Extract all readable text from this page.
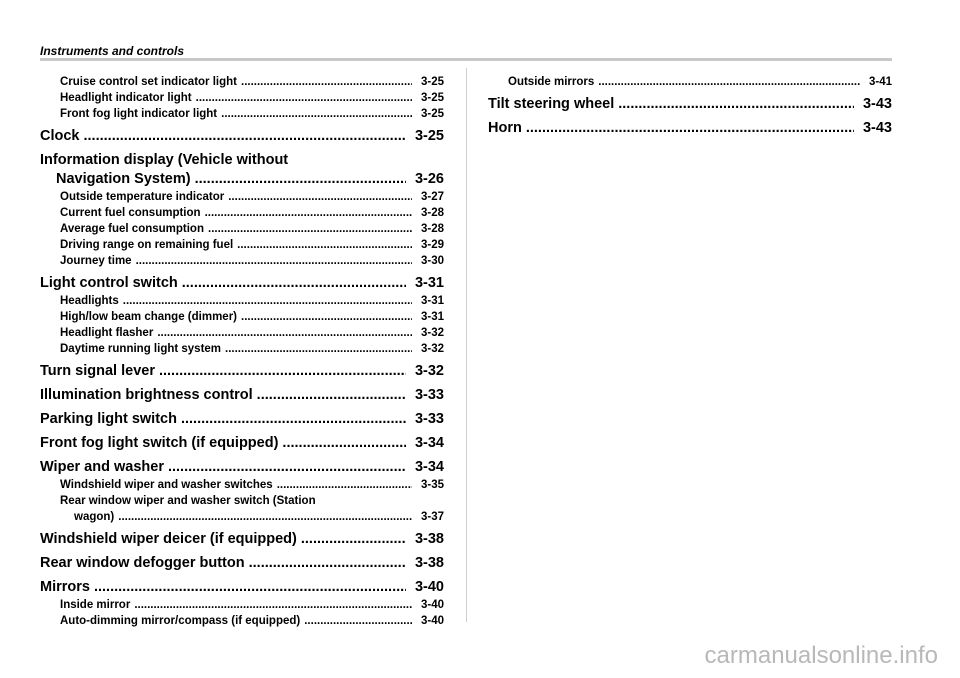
Instruments and controls
Cruise control set indicator light .....	3-25
Headlight indicator light .....	3-25
Front fog light indicator light .....	3-25
Clock .....	3-25
Information display (Vehicle without
Navigation System) .....	3-26
Outside temperature indicator .....	3-27
Current fuel consumption .....	3-28
Average fuel consumption .....	3-28
Driving range on remaining fuel .....	3-29
Journey time .....	3-30
Light control switch .....	3-31
Headlights .....	3-31
High/low beam change (dimmer) .....	3-31
Headlight flasher .....	3-32
Daytime running light system .....	3-32
Turn signal lever .....	3-32
Illumination brightness control .....	3-33
Parking light switch .....	3-33
Front fog light switch (if equipped) .....	3-34
Wiper and washer .....	3-34
Windshield wiper and washer switches .....	3-35
Rear window wiper and washer switch (Station
wagon) .....	3-37
Windshield wiper deicer (if equipped) .....	3-38
Rear window defogger button .....	3-38
Mirrors .....	3-40
Inside mirror .....	3-40
Auto-dimming mirror/compass (if equipped) .....	3-40
Outside mirrors .....	3-41
Tilt steering wheel .....	3-43
Horn .....	3-43
carmanualsonline.info
